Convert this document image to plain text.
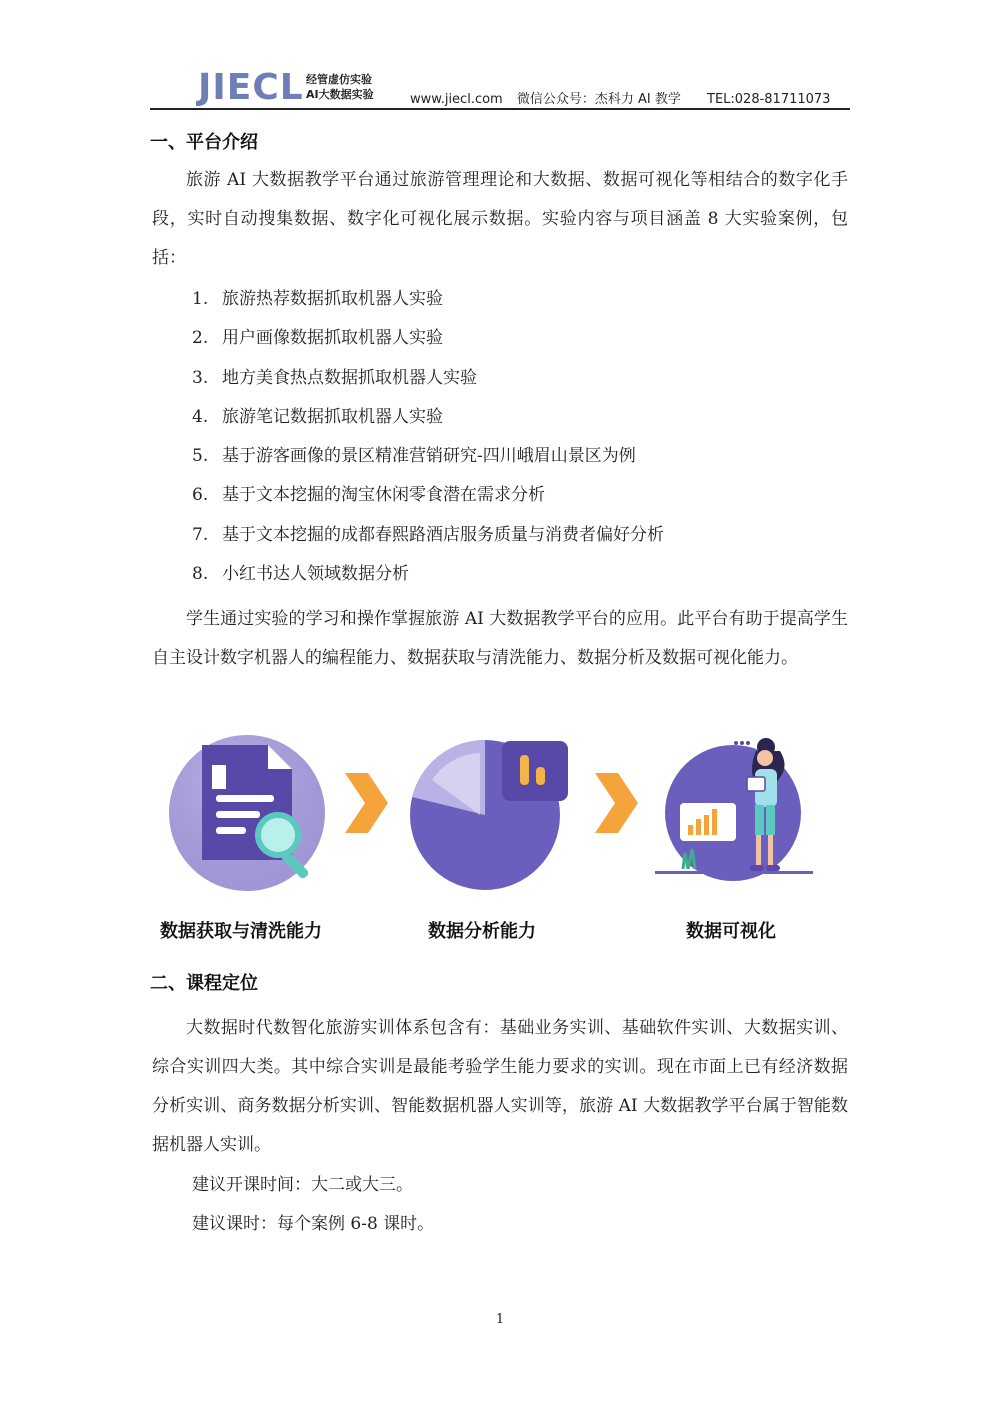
JIECL 经管虚仿实验
AI大数据实验	www.jiecl.com 微信公众号：杰科力 AI 教学 TEL:028-81711073
一、平台介绍
旅游 AI 大数据教学平台通过旅游管理理论和大数据、数据可视化等相结合的数字化手段，实时自动搜集数据、数字化可视化展示数据。实验内容与项目涵盖 8 大实验案例，包括：
1. 旅游热荐数据抓取机器人实验
2. 用户画像数据抓取机器人实验
3. 地方美食热点数据抓取机器人实验
4. 旅游笔记数据抓取机器人实验
5. 基于游客画像的景区精准营销研究-四川峨眉山景区为例
6. 基于文本挖掘的淘宝休闲零食潜在需求分析
7. 基于文本挖掘的成都春熙路酒店服务质量与消费者偏好分析
8. 小红书达人领域数据分析
学生通过实验的学习和操作掌握旅游 AI 大数据教学平台的应用。此平台有助于提高学生自主设计数字机器人的编程能力、数据获取与清洗能力、数据分析及数据可视化能力。
数据获取与清洗能力	数据分析能力	数据可视化
二、课程定位
大数据时代数智化旅游实训体系包含有：基础业务实训、基础软件实训、大数据实训、综合实训四大类。其中综合实训是最能考验学生能力要求的实训。现在市面上已有经济数据分析实训、商务数据分析实训、智能数据机器人实训等，旅游 AI 大数据教学平台属于智能数据机器人实训。
建议开课时间：大二或大三。
建议课时：每个案例 6-8 课时。
1
